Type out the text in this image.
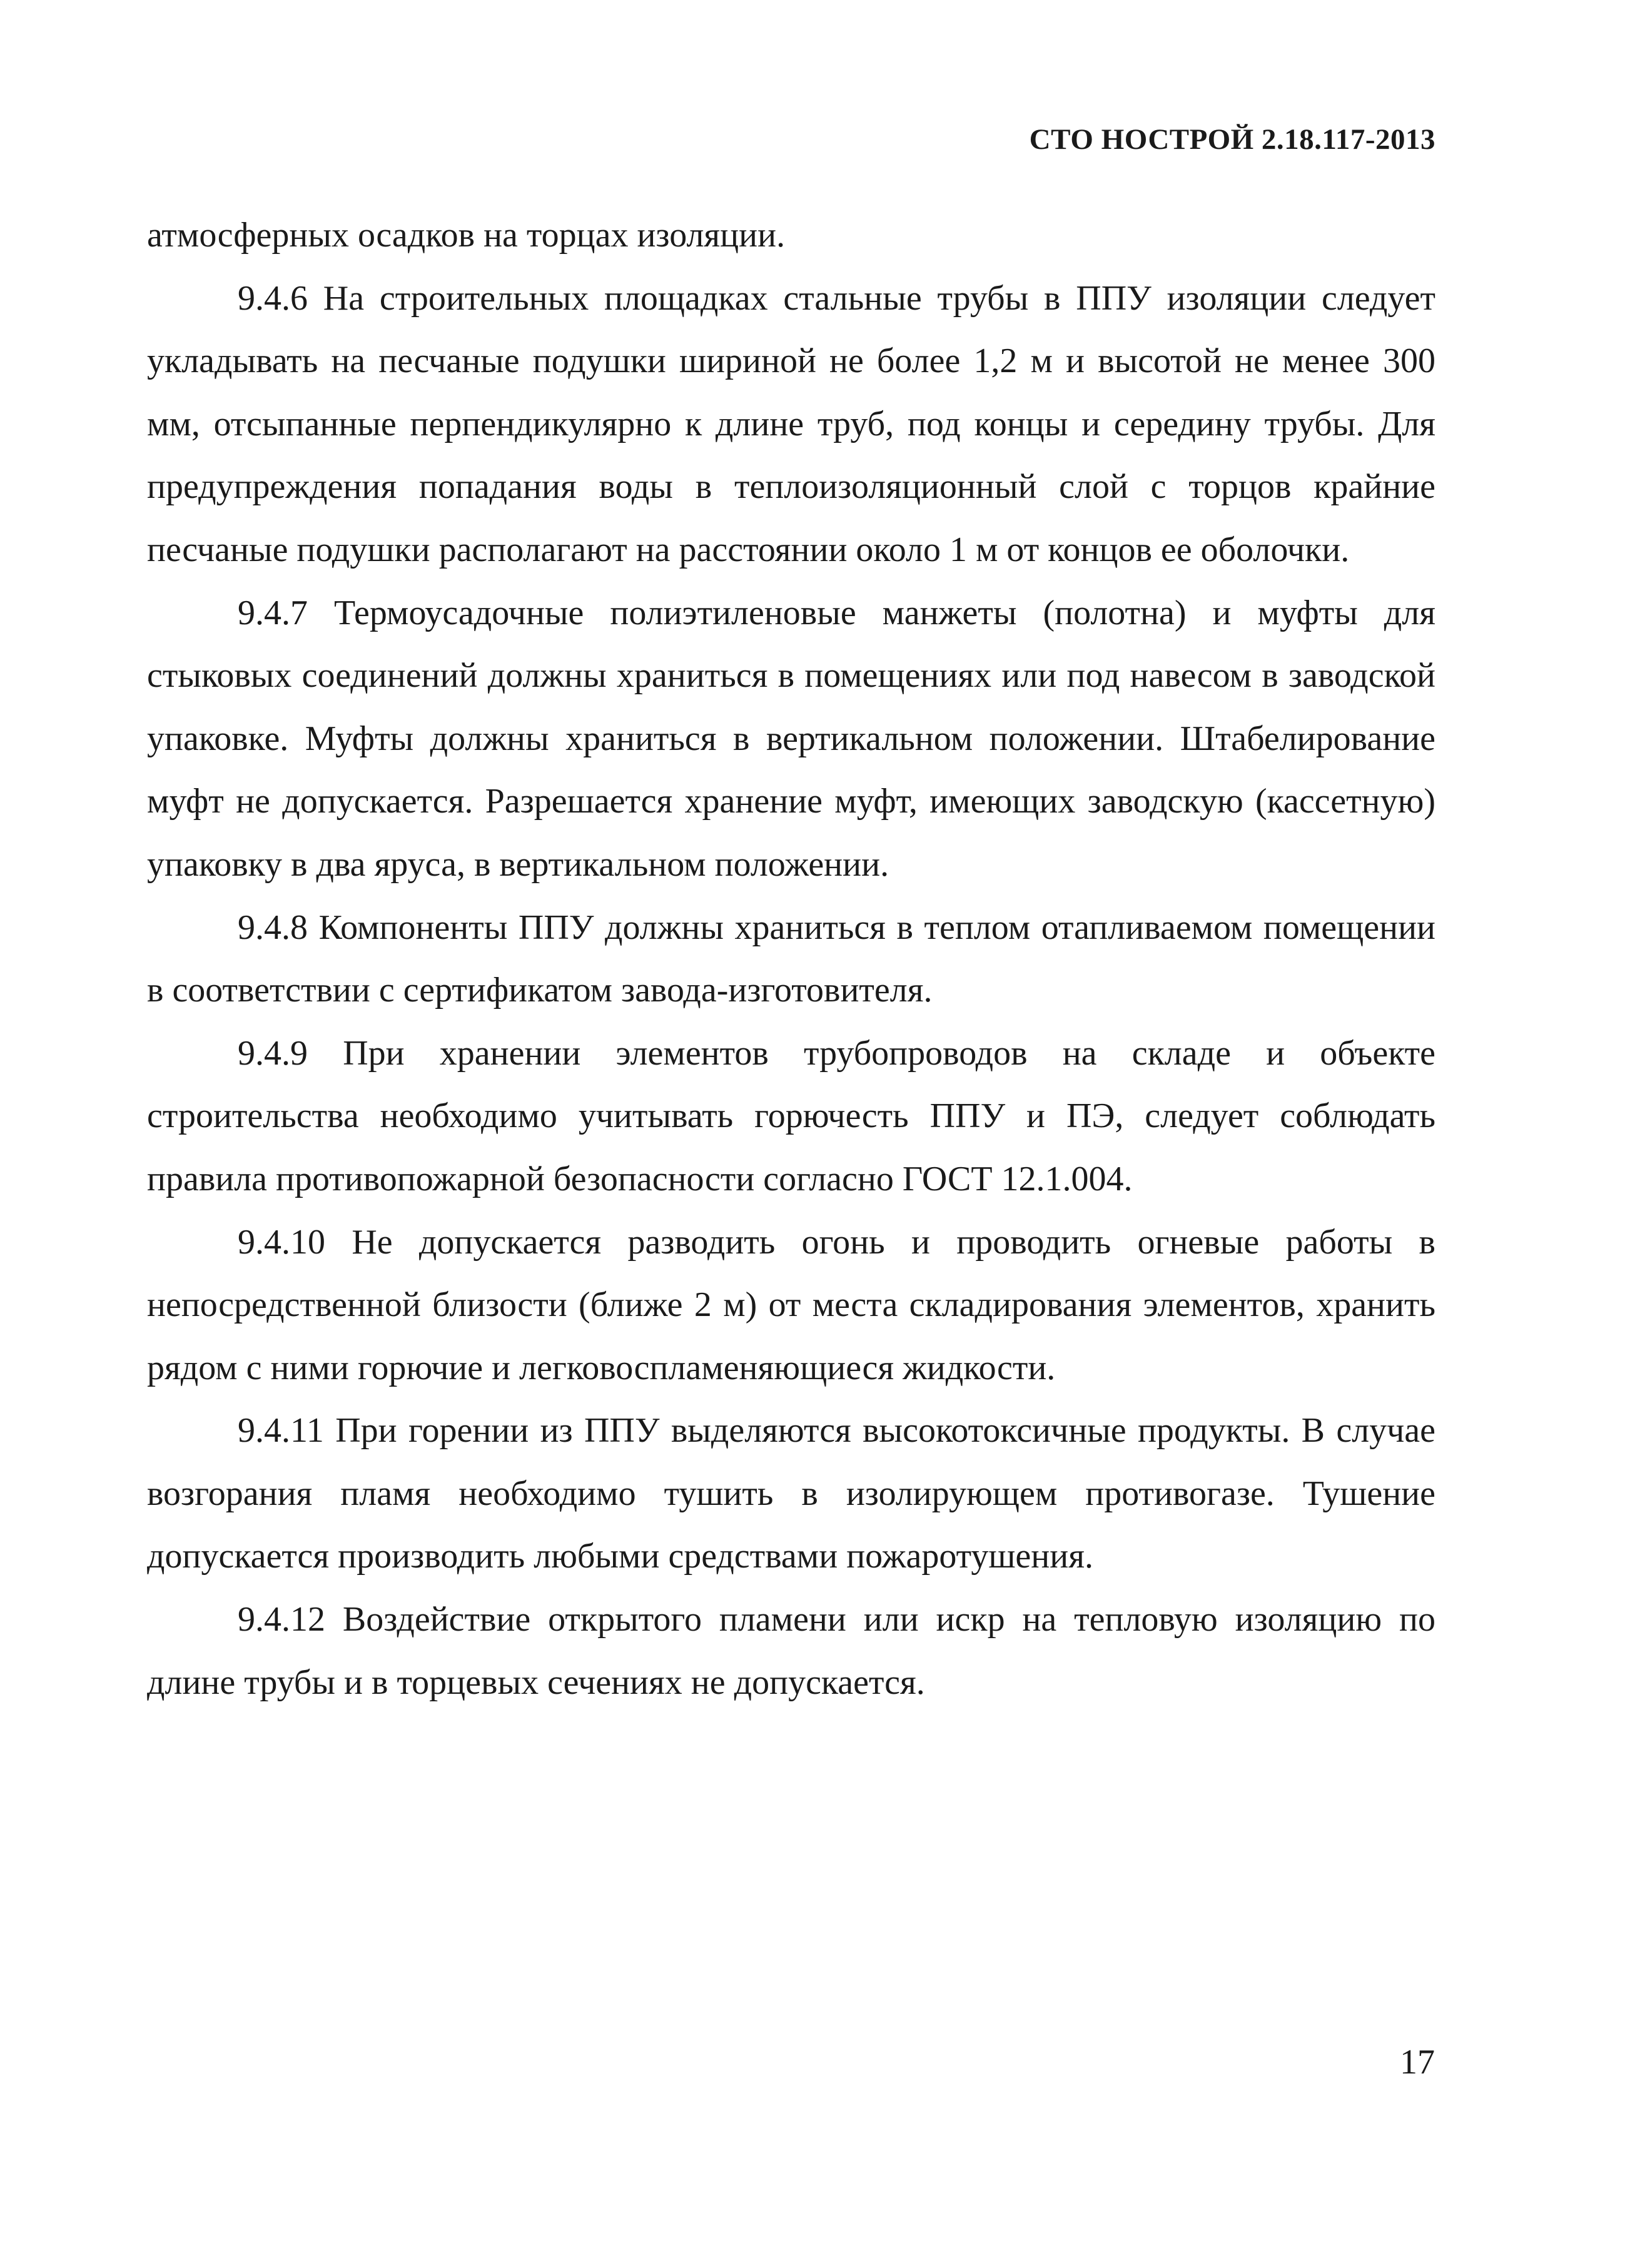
СТО НОСТРОЙ 2.18.117-2013

атмосферных осадков на торцах изоляции.

9.4.6 На строительных площадках стальные трубы в ППУ изоляции следует укладывать на песчаные подушки шириной не более 1,2 м и высотой не менее 300 мм, отсыпанные перпендикулярно к длине труб, под концы и середину трубы. Для предупреждения попадания воды в теплоизоляционный слой с торцов крайние песчаные подушки располагают на расстоянии около 1 м от концов ее оболочки.

9.4.7 Термоусадочные полиэтиленовые манжеты (полотна) и муфты для стыковых соединений должны храниться в помещениях или под навесом в заводской упаковке. Муфты должны храниться в вертикальном положении. Штабелирование муфт не допускается. Разрешается хранение муфт, имеющих заводскую (кассетную) упаковку в два яруса, в вертикальном положении.

9.4.8 Компоненты ППУ должны храниться в теплом отапливаемом помещении в соответствии с сертификатом завода-изготовителя.

9.4.9 При хранении элементов трубопроводов на складе и объекте строительства необходимо учитывать горючесть ППУ и ПЭ, следует соблюдать правила противопожарной безопасности согласно ГОСТ 12.1.004.

9.4.10 Не допускается разводить огонь и проводить огневые работы в непосредственной близости (ближе 2 м) от места складирования элементов, хранить рядом с ними горючие и легковоспламеняющиеся жидкости.

9.4.11 При горении из ППУ выделяются высокотоксичные продукты. В случае возгорания пламя необходимо тушить в изолирующем противогазе. Тушение допускается производить любыми средствами пожаротушения.

9.4.12 Воздействие открытого пламени или искр на тепловую изоляцию по длине трубы и в торцевых сечениях не допускается.

17
